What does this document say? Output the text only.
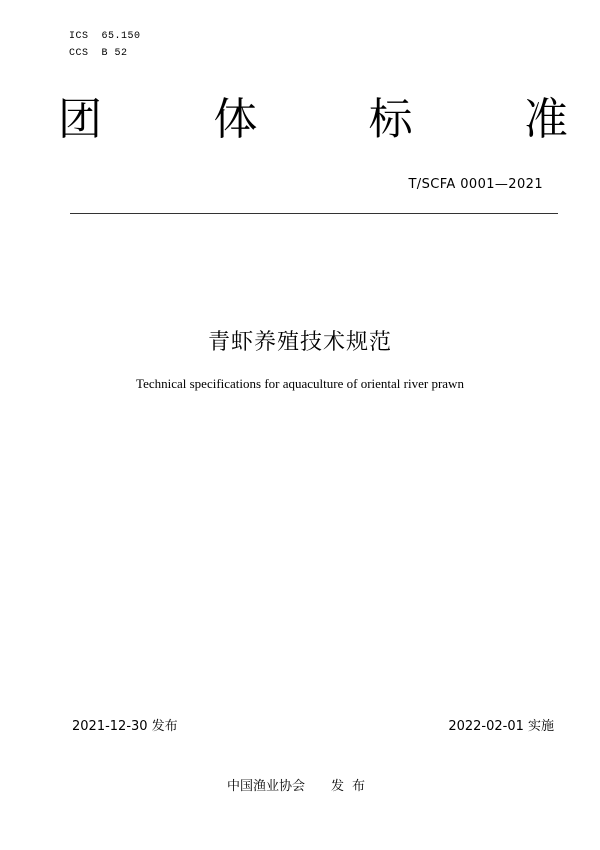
ICS  65.150
CCS  B 52
团	体	标	准
T/SCFA 0001—2021
青虾养殖技术规范
Technical specifications for aquaculture of oriental river prawn
2021-12-30 发布	2022-02-01 实施
中国渔业协会 发布
